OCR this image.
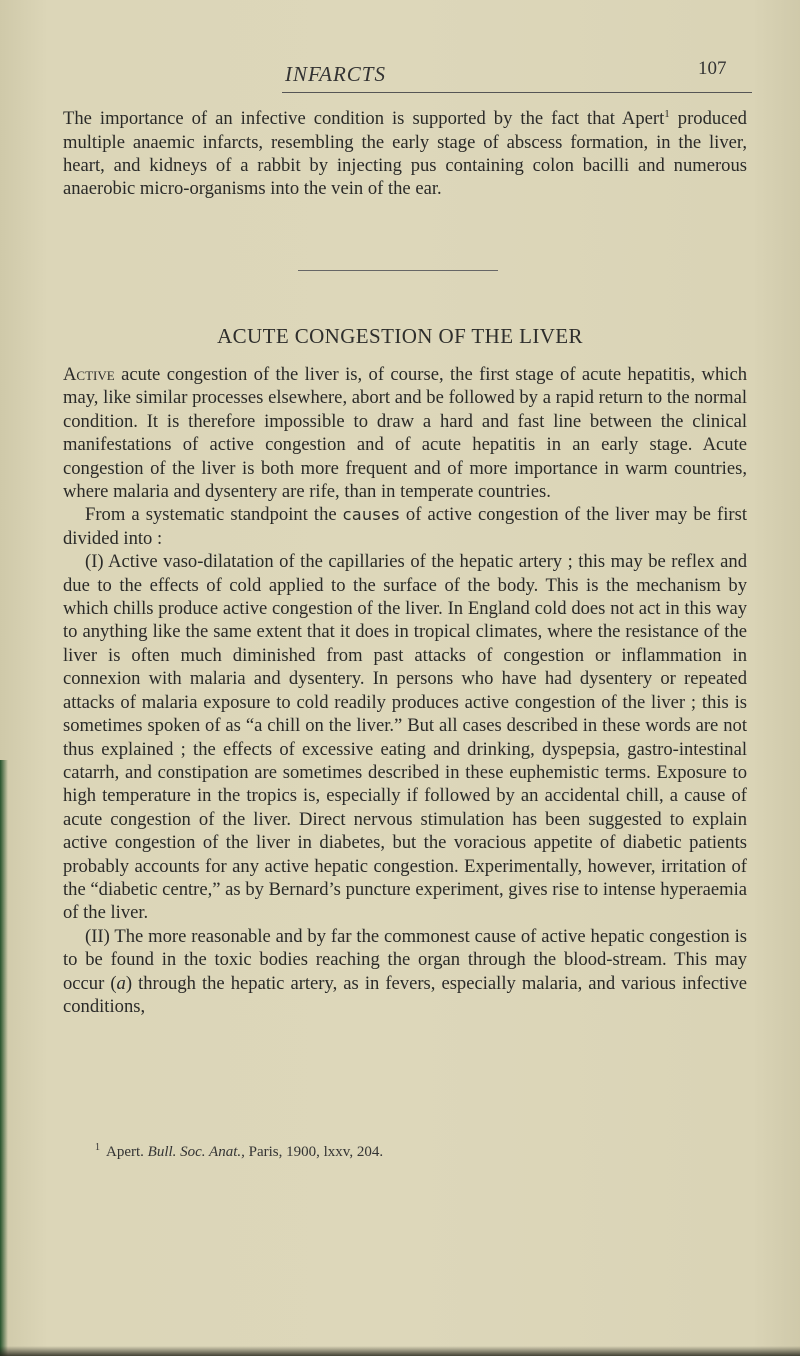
INFARCTS	107
The importance of an infective condition is supported by the fact that Apert$^1$ produced multiple anaemic infarcts, resembling the early stage of abscess formation, in the liver, heart, and kidneys of a rabbit by injecting pus containing colon bacilli and numerous anaerobic micro-organisms into the vein of the ear.
ACUTE CONGESTION OF THE LIVER

Active acute congestion of the liver is, of course, the first stage of acute hepatitis, which may, like similar processes elsewhere, abort and be followed by a rapid return to the normal condition. It is therefore impossible to draw a hard and fast line between the clinical manifestations of active congestion and of acute hepatitis in an early stage. Acute congestion of the liver is both more frequent and of more importance in warm countries, where malaria and dysentery are rife, than in temperate countries.

From a systematic standpoint the causes of active congestion of the liver may be first divided into :

(I) Active vaso-dilatation of the capillaries of the hepatic artery ; this may be reflex and due to the effects of cold applied to the surface of the body. This is the mechanism by which chills produce active congestion of the liver. In England cold does not act in this way to anything like the same extent that it does in tropical climates, where the resistance of the liver is often much diminished from past attacks of congestion or inflammation in connexion with malaria and dysentery. In persons who have had dysentery or repeated attacks of malaria exposure to cold readily produces active congestion of the liver ; this is sometimes spoken of as “a chill on the liver.” But all cases described in these words are not thus explained ; the effects of excessive eating and drinking, dyspepsia, gastro-intestinal catarrh, and constipation are sometimes described in these euphemistic terms. Exposure to high temperature in the tropics is, especially if followed by an accidental chill, a cause of acute congestion of the liver. Direct nervous stimulation has been suggested to explain active congestion of the liver in diabetes, but the voracious appetite of diabetic patients probably accounts for any active hepatic congestion. Experimentally, however, irritation of the “diabetic centre,” as by Bernard’s puncture experiment, gives rise to intense hyperaemia of the liver.

(II) The more reasonable and by far the commonest cause of active hepatic congestion is to be found in the toxic bodies reaching the organ through the blood-stream. This may occur (a) through the hepatic artery, as in fevers, especially malaria, and various infective conditions,

$^1$ Apert. Bull. Soc. Anat., Paris, 1900, lxxv, 204.
